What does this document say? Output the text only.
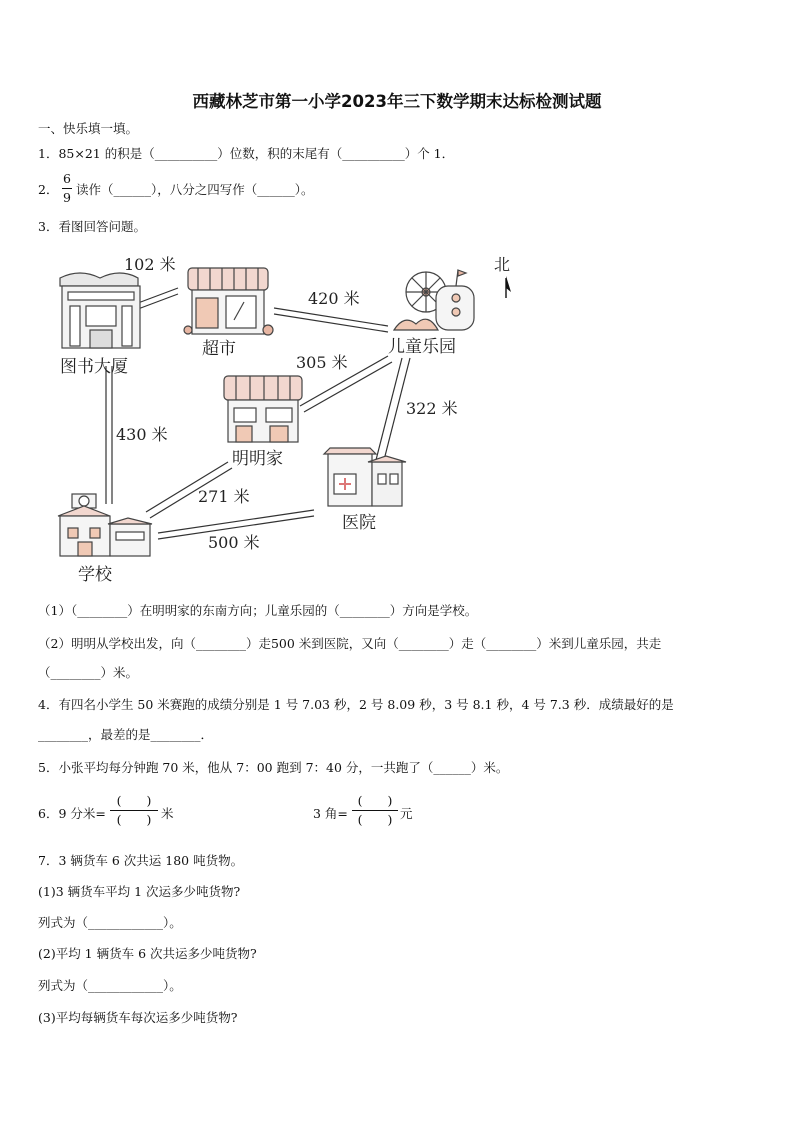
西藏林芝市第一小学2023年三下数学期末达标检测试题
一、快乐填一填。
1．85×21 的积是（__________）位数，积的末尾有（__________）个 1．
2．
6
9
读作（______），八分之四写作（______）。
3．看图回答问题。
图书大厦
102 米
超市
420 米
儿童乐园
北
明明家
305 米
322 米
医院
学校
430 米
271 米
500 米
（1）（________）在明明家的东南方向；儿童乐园的（________）方向是学校。
（2）明明从学校出发，向（________）走500 米到医院，又向（________）走（________）米到儿童乐园，共走
（________）米。
4．有四名小学生 50 米赛跑的成绩分别是 1 号 7.03 秒，2 号 8.09 秒，3 号 8.1 秒，4 号 7.3 秒．成绩最好的是
________，最差的是________．
5．小张平均每分钟跑 70 米，他从 7：00 跑到 7：40 分，一共跑了（______）米。
6．9 分米=
(　　)
(　　) 米	3 角=
(　　)
(　　) 元
7．3 辆货车 6 次共运 180 吨货物。
(1)3 辆货车平均 1 次运多少吨货物?
列式为（____________）。
(2)平均 1 辆货车 6 次共运多少吨货物?
列式为（____________）。
(3)平均每辆货车每次运多少吨货物?
